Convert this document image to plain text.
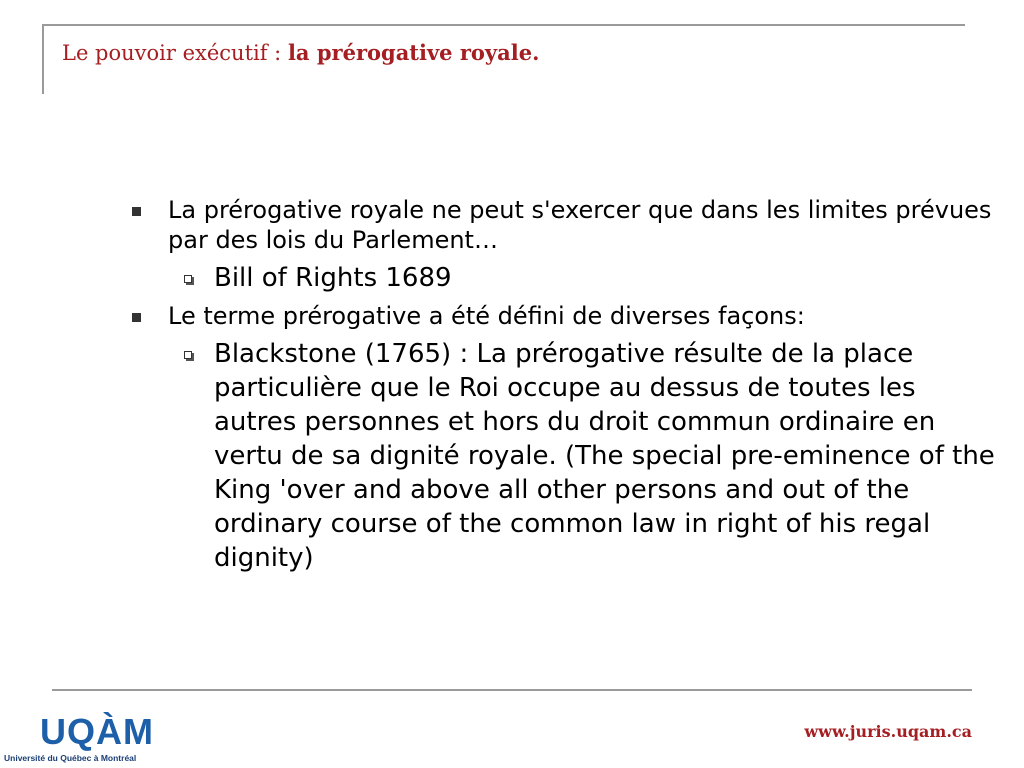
Le pouvoir exécutif : la prérogative royale.
La prérogative royale ne peut s'exercer que dans les limites prévues par des lois du Parlement…
Bill of Rights 1689
Le terme prérogative a été défini de diverses façons:
Blackstone (1765) : La prérogative résulte de la place particulière que le Roi occupe au dessus de toutes les autres personnes et hors du droit commun ordinaire en vertu de sa dignité royale. (The special pre-eminence of the King 'over and above all other persons and out of the ordinary course of the common law in right of his regal dignity)
UQÀM
Université du Québec à Montréal
www.juris.uqam.ca
